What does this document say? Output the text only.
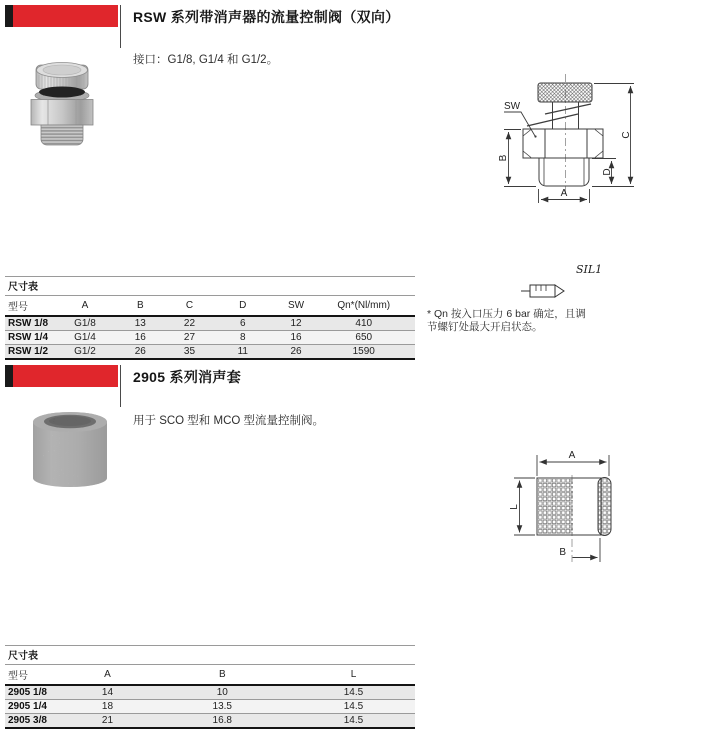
RSW 系列带消声器的流量控制阀（双向）
接口：G1/8, G1/4 和 G1/2。
SW
B
C
D
A
SIL1
* Qn 按入口压力 6 bar 确定，且调
节螺钉处最大开启状态。
尺寸表
型号	A	B	C	D	SW	Qn*(Nl/mm)
RSW 1/8	G1/8	13	22	6	12	410
RSW 1/4	G1/4	16	27	8	16	650
RSW 1/2	G1/2	26	35	11	26	1590
2905 系列消声套
用于 SCO 型和 MCO 型流量控制阀。
A
L
B
尺寸表
型号	A	B	L
2905 1/8	14	10	14.5
2905 1/4	18	13.5	14.5
2905 3/8	21	16.8	14.5
